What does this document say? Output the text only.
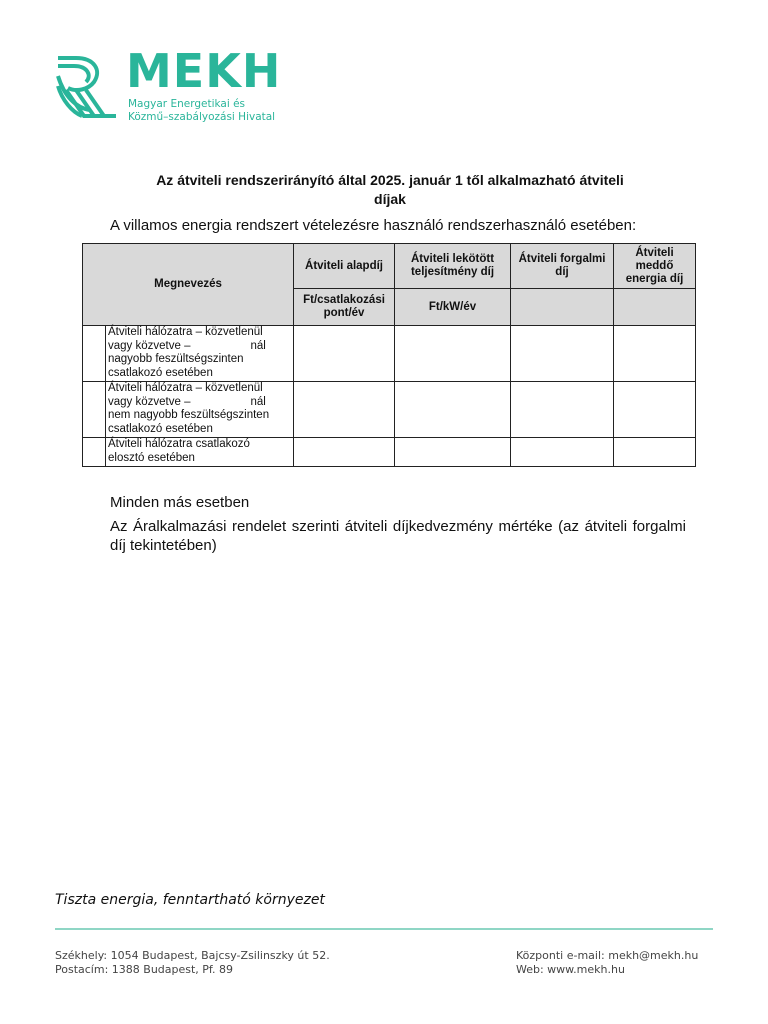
MEKH
Magyar Energetikai és
Közmű–szabályozási Hivatal
Az átviteli rendszerirányító által 2025. január 1 től alkalmazható átviteli
díjak
A villamos energia rendszert vételezésre használó rendszerhasználó esetében:
Megnevezés		Átviteli alapdíj	Átviteli lekötött teljesítmény díj	Átviteli forgalmi díj	Átviteli meddő energia díj
		Ft/csatlakozási pont/év	Ft/kW/év		

	Átviteli hálózatra – közvetlenül
vagy közvetve – nál
nagyobb feszültségszinten
csatlakozó esetében				

	Átviteli hálózatra – közvetlenül
vagy közvetve – nál
nem nagyobb feszültségszinten
csatlakozó esetében				

	Átviteli hálózatra csatlakozó
elosztó esetében				

Minden más esetben
Az Áralkalmazási rendelet szerinti átviteli díjkedvezmény mértéke (az átviteli forgalmi díj tekintetében)
Tiszta energia, fenntartható környezet
Székhely: 1054 Budapest, Bajcsy-Zsilinszky út 52.
Postacím: 1388 Budapest, Pf. 89
Központi e-mail: mekh@mekh.hu
Web: www.mekh.hu
